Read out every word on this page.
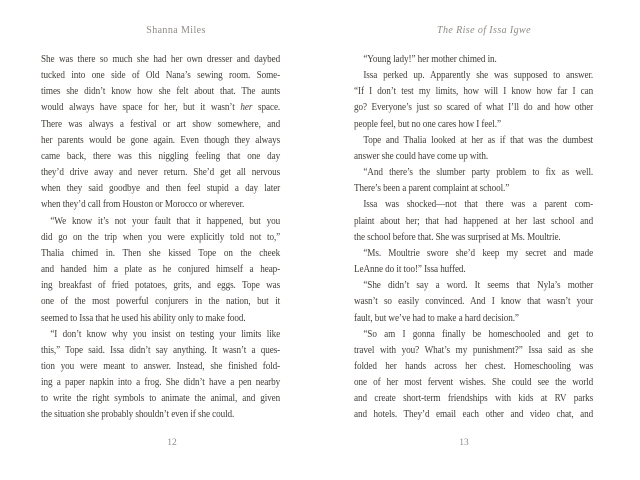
Shanna Miles	The Rise of Issa Igwe
She was there so much she had her own dresser and daybed
tucked into one side of Old Nana’s sewing room. Some-
times she didn’t know how she felt about that. The aunts
would always have space for her, but it wasn’t her space.
There was always a festival or art show somewhere, and
her parents would be gone again. Even though they always
came back, there was this niggling feeling that one day
they’d drive away and never return. She’d get all nervous
when they said goodbye and then feel stupid a day later
when they’d call from Houston or Morocco or wherever.
“We know it’s not your fault that it happened, but you
did go on the trip when you were explicitly told not to,”
Thalia chimed in. Then she kissed Tope on the cheek
and handed him a plate as he conjured himself a heap-
ing breakfast of fried potatoes, grits, and eggs. Tope was
one of the most powerful conjurers in the nation, but it
seemed to Issa that he used his ability only to make food.
“I don’t know why you insist on testing your limits like
this,” Tope said. Issa didn’t say anything. It wasn’t a ques-
tion you were meant to answer. Instead, she finished fold-
ing a paper napkin into a frog. She didn’t have a pen nearby
to write the right symbols to animate the animal, and given
the situation she probably shouldn’t even if she could.
“Young lady!” her mother chimed in.
Issa perked up. Apparently she was supposed to answer.
“If I don’t test my limits, how will I know how far I can
go? Everyone’s just so scared of what I’ll do and how other
people feel, but no one cares how I feel.”
Tope and Thalia looked at her as if that was the dumbest
answer she could have come up with.
“And there’s the slumber party problem to fix as well.
There’s been a parent complaint at school.”
Issa was shocked—not that there was a parent com-
plaint about her; that had happened at her last school and
the school before that. She was surprised at Ms. Moultrie.
“Ms. Moultrie swore she’d keep my secret and made
LeAnne do it too!” Issa huffed.
“She didn’t say a word. It seems that Nyla’s mother
wasn’t so easily convinced. And I know that wasn’t your
fault, but we’ve had to make a hard decision.”
“So am I gonna finally be homeschooled and get to
travel with you? What’s my punishment?” Issa said as she
folded her hands across her chest. Homeschooling was
one of her most fervent wishes. She could see the world
and create short-term friendships with kids at RV parks
and hotels. They’d email each other and video chat, and
12	13
